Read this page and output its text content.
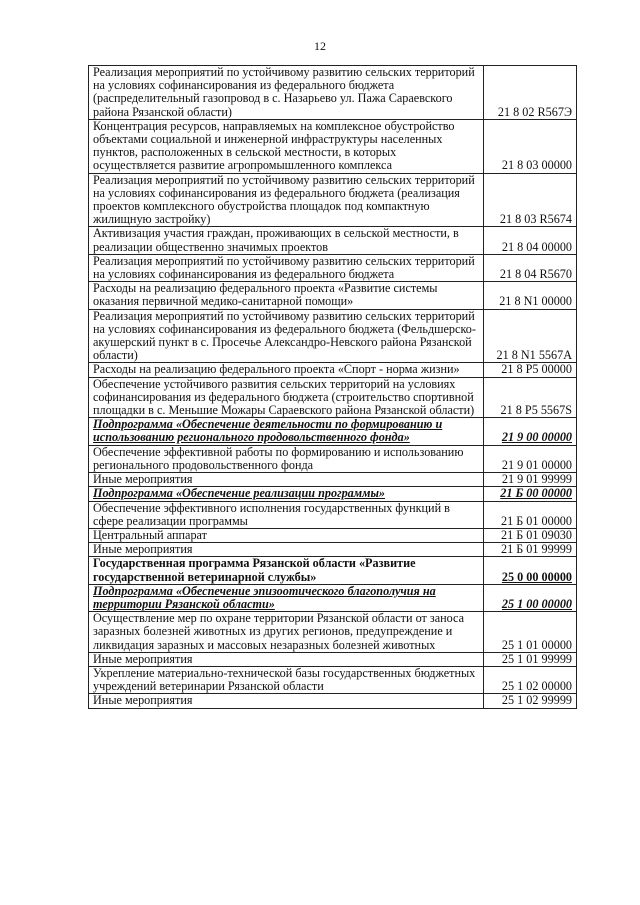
12
Реализация мероприятий по устойчивому развитию сельских территорий на условиях софинансирования из федерального бюджета (распределительный газопровод в с. Назарьево ул. Пажа Сараевского района Рязанской области)	21 8 02 R567Э
Концентрация ресурсов, направляемых на комплексное обустройство объектами социальной и инженерной инфраструктуры населенных пунктов, расположенных в сельской местности, в которых осуществляется развитие агропромышленного комплекса	21 8 03 00000
Реализация мероприятий по устойчивому развитию сельских территорий на условиях софинансирования из федерального бюджета (реализация проектов комплексного обустройства площадок под компактную жилищную застройку)	21 8 03 R5674
Активизация участия граждан, проживающих в сельской местности, в реализации общественно значимых проектов	21 8 04 00000
Реализация мероприятий по устойчивому развитию сельских территорий на условиях софинансирования из федерального бюджета	21 8 04 R5670
Расходы на реализацию федерального проекта «Развитие системы оказания первичной медико-санитарной помощи»	21 8 N1 00000
Реализация мероприятий по устойчивому развитию сельских территорий на условиях софинансирования из федерального бюджета (Фельдшерско-акушерский пункт в с. Просечье Александро-Невского района Рязанской области)	21 8 N1 5567А
Расходы на реализацию федерального проекта «Спорт - норма жизни»	21 8 P5 00000
Обеспечение устойчивого развития сельских территорий на условиях софинансирования из федерального бюджета (строительство спортивной площадки в с. Меньшие Можары Сараевского района Рязанской области)	21 8 P5 5567S
Подпрограмма «Обеспечение деятельности по формированию и использованию регионального продовольственного фонда»	21 9 00 00000
Обеспечение эффективной работы по формированию и использованию регионального продовольственного фонда	21 9 01 00000
Иные мероприятия	21 9 01 99999
Подпрограмма «Обеспечение реализации программы»	21 Б 00 00000
Обеспечение эффективного исполнения государственных функций в сфере реализации программы	21 Б 01 00000
Центральный аппарат	21 Б 01 09030
Иные мероприятия	21 Б 01 99999
Государственная программа Рязанской области «Развитие государственной ветеринарной службы»	25 0 00 00000
Подпрограмма «Обеспечение эпизоотического благополучия на территории Рязанской области»	25 1 00 00000
Осуществление мер по охране территории Рязанской области от заноса заразных болезней животных из других регионов, предупреждение и ликвидация заразных и массовых незаразных болезней животных	25 1 01 00000
Иные мероприятия	25 1 01 99999
Укрепление материально-технической базы государственных бюджетных учреждений ветеринарии Рязанской области	25 1 02 00000
Иные мероприятия	25 1 02 99999
